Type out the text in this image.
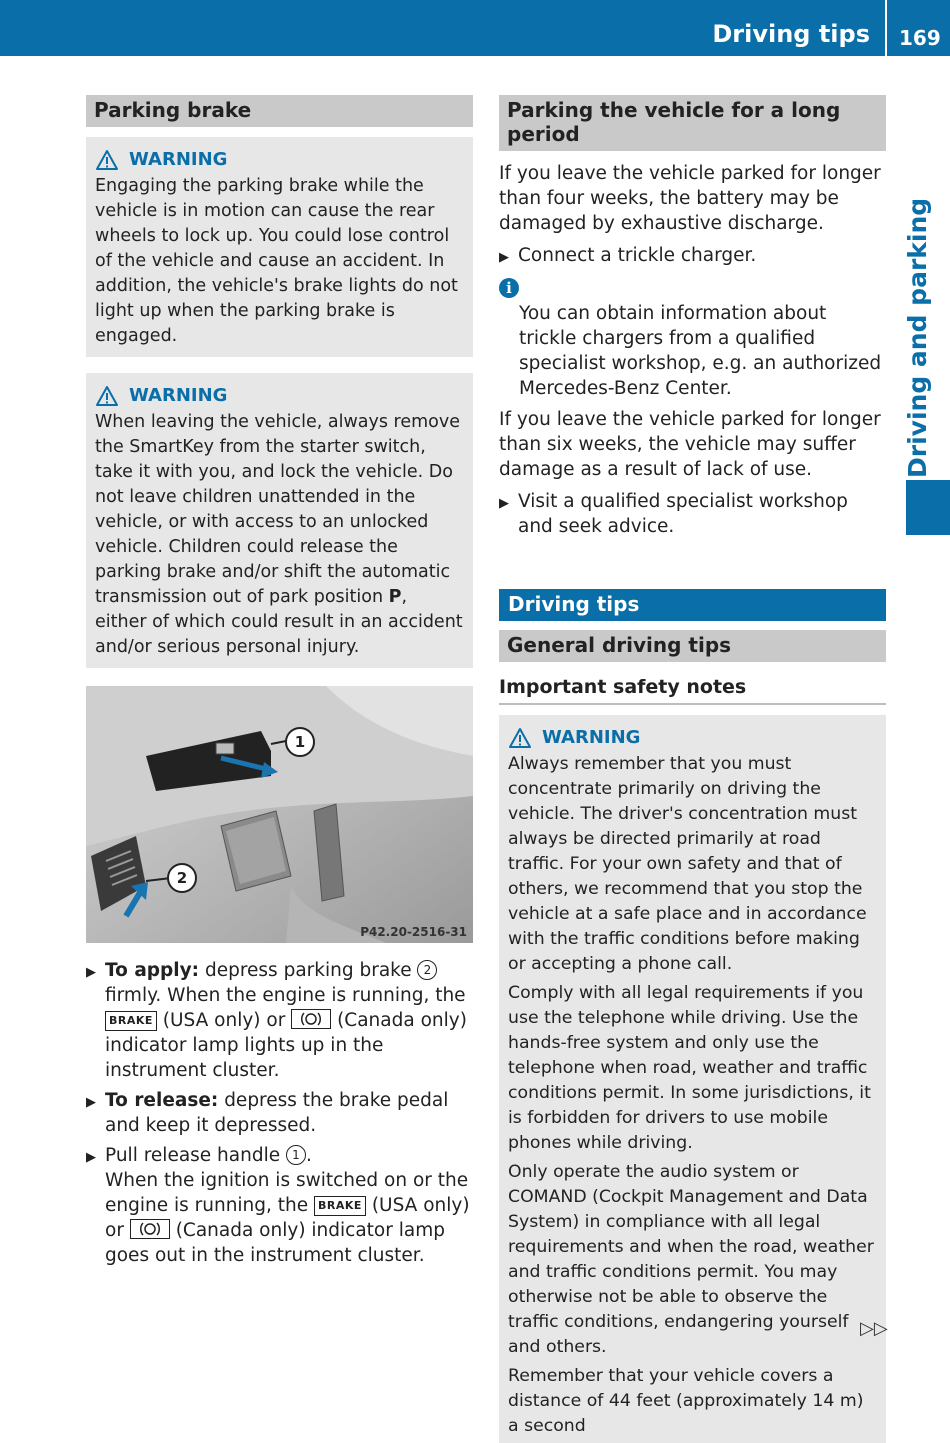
Driving tips 169
Driving and parking
Parking brake
WARNING
Engaging the parking brake while the vehicle is in motion can cause the rear wheels to lock up. You could lose control of the vehicle and cause an accident. In addition, the vehicle's brake lights do not light up when the parking brake is engaged.
WARNING
When leaving the vehicle, always remove the SmartKey from the starter switch, take it with you, and lock the vehicle. Do not leave children unattended in the vehicle, or with access to an unlocked vehicle. Children could release the parking brake and/or shift the automatic transmission out of park position P, either of which could result in an accident and/or serious personal injury.
1
2
P42.20-2516-31
▶ To apply: depress parking brake 2 firmly. When the engine is running, the BRAKE (USA only) or  (Canada only) indicator lamp lights up in the instrument cluster.
▶ To release: depress the brake pedal and keep it depressed.
▶ Pull release handle 1 .
When the ignition is switched on or the engine is running, the BRAKE (USA only) or  (Canada only) indicator lamp goes out in the instrument cluster.
Parking the vehicle for a long period
If you leave the vehicle parked for longer than four weeks, the battery may be damaged by exhaustive discharge.
▶ Connect a trickle charger.
i
You can obtain information about trickle chargers from a qualified specialist workshop, e.g. an authorized Mercedes-Benz Center.
If you leave the vehicle parked for longer than six weeks, the vehicle may suffer damage as a result of lack of use.
▶ Visit a qualified specialist workshop and seek advice.
Driving tips
General driving tips
Important safety notes
WARNING
Always remember that you must concentrate primarily on driving the vehicle. The driver's concentration must always be directed primarily at road traffic. For your own safety and that of others, we recommend that you stop the vehicle at a safe place and in accordance with the traffic conditions before making or accepting a phone call.
Comply with all legal requirements if you use the telephone while driving. Use the hands-free system and only use the telephone when road, weather and traffic conditions permit. In some jurisdictions, it is forbidden for drivers to use mobile phones while driving.
Only operate the audio system or COMAND (Cockpit Management and Data System) in compliance with all legal requirements and when the road, weather and traffic conditions permit. You may otherwise not be able to observe the traffic conditions, endangering yourself and others.
Remember that your vehicle covers a distance of 44 feet (approximately 14 m) a second
▷▷
